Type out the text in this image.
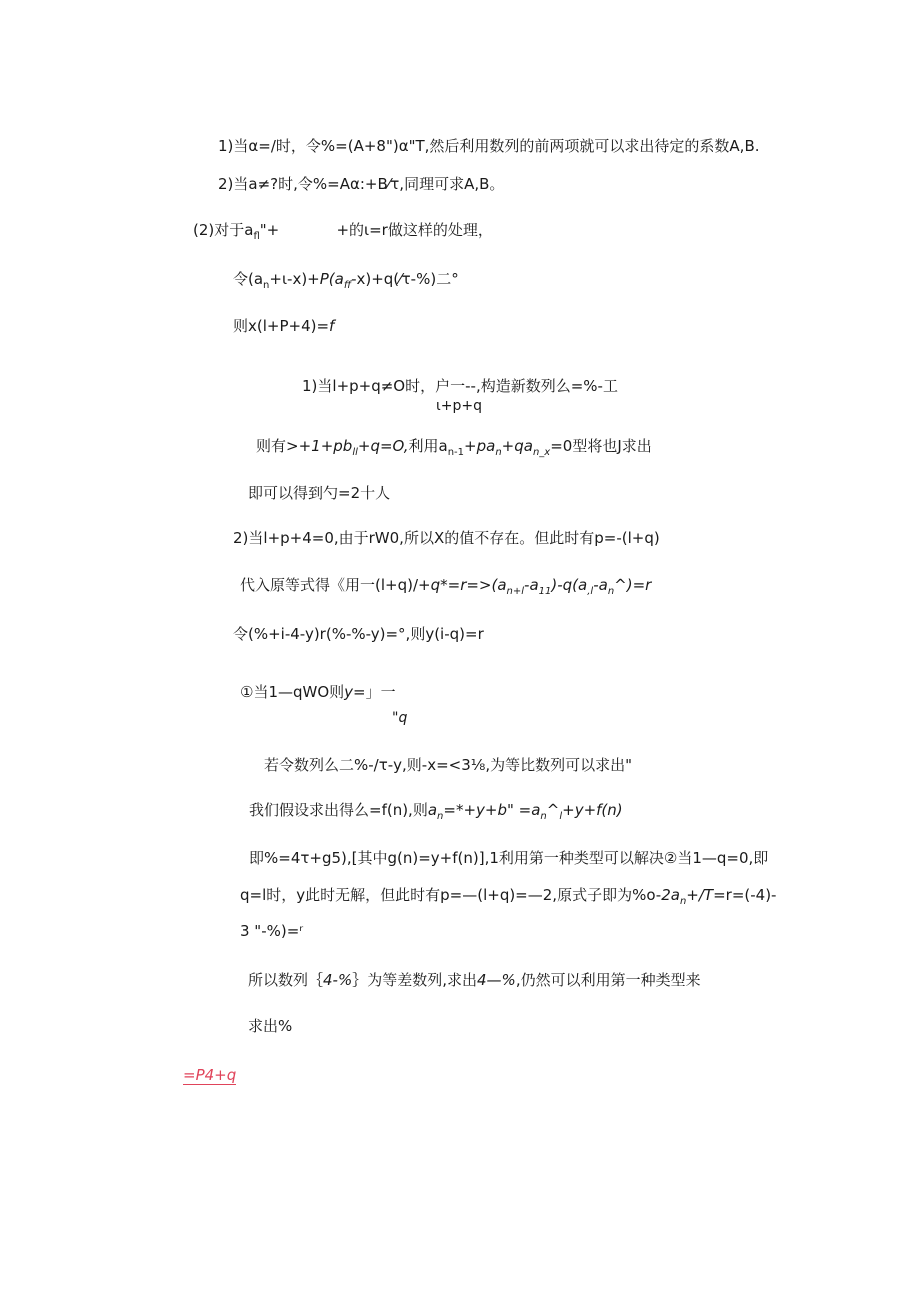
1)当α=/时，令%=(A+8")α"T,然后利用数列的前两项就可以求出待定的系数A,B.
2)当a≠?时,令%=Aα:+B⁄τ,同理可求A,B。
(2)对于$a_{fl}"+$            +的ι=r做这样的处理，
令$(a_n+\iota-x)+P(a_{ff}-x)+q(⁄\tau-\%)$二°
则x(l+P+4)=f
1)当l+p+q≠O时，户一--,构造新数列么=%-工
ι+p+q
则有$>+1+pb_{ll}+q=O$,利用$a_{n-1}+pa_n+qa_{n\_x}=0$型将也J求出
即可以得到勺=2十人
2)当l+p+4=0,由于rW0,所以X的值不存在。但此时有p=-(l+q)
代入原等式得《用一$(l+q)/+q*=r=>(a_{n+l}-a_{11})-q(a_{,l}-a_n\^{})=r$
令(%+i-4-y)r(%-%-y)=°,则y(i-q)=r
①当1—qWO则y=」一
"q
若令数列么二%-/τ-y,则-x=<3⅛,为等比数列可以求出"
我们假设求出得么=f(n),则$a_n=*+y+b$" $=a_n\^{}_l+y+f(n)$
即%=4τ+g5),[其中g(n)=y+f(n)],1利用第一种类型可以解决②当1—q=0,即
q=l时，y此时无解，但此时有p=—(l+q)=—2,原式子即为$\%o-2a_n+/T=r=(-4)-$
3 "-%)=ʳ
所以数列｛4-%｝为等差数列,求出4—%,仍然可以利用第一种类型来
求出%
=P4+q
